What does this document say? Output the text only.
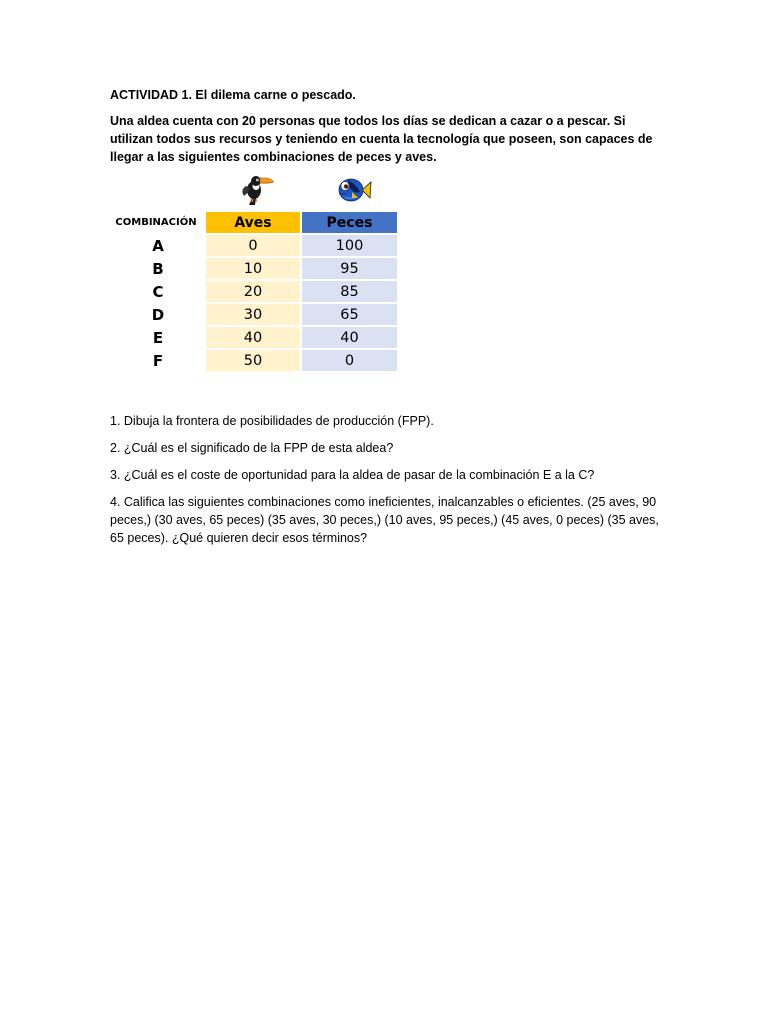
ACTIVIDAD 1. El dilema carne o pescado.

Una aldea cuenta con 20 personas que todos los días se dedican a cazar o a pescar. Si utilizan todos sus recursos y teniendo en cuenta la tecnología que poseen, son capaces de llegar a las siguientes combinaciones de peces y aves.

COMBINACIÓN	Aves	Peces
A	0	100
B	10	95
C	20	85
D	30	65
E	40	40
F	50	0

1. Dibuja la frontera de posibilidades de producción (FPP).

2. ¿Cuál es el significado de la FPP de esta aldea?

3. ¿Cuál es el coste de oportunidad para la aldea de pasar de la combinación E a la C?

4. Califica las siguientes combinaciones como ineficientes, inalcanzables o eficientes. (25 aves, 90 peces,) (30 aves, 65 peces) (35 aves, 30 peces,) (10 aves, 95 peces,) (45 aves, 0 peces) (35 aves, 65 peces). ¿Qué quieren decir esos términos?
